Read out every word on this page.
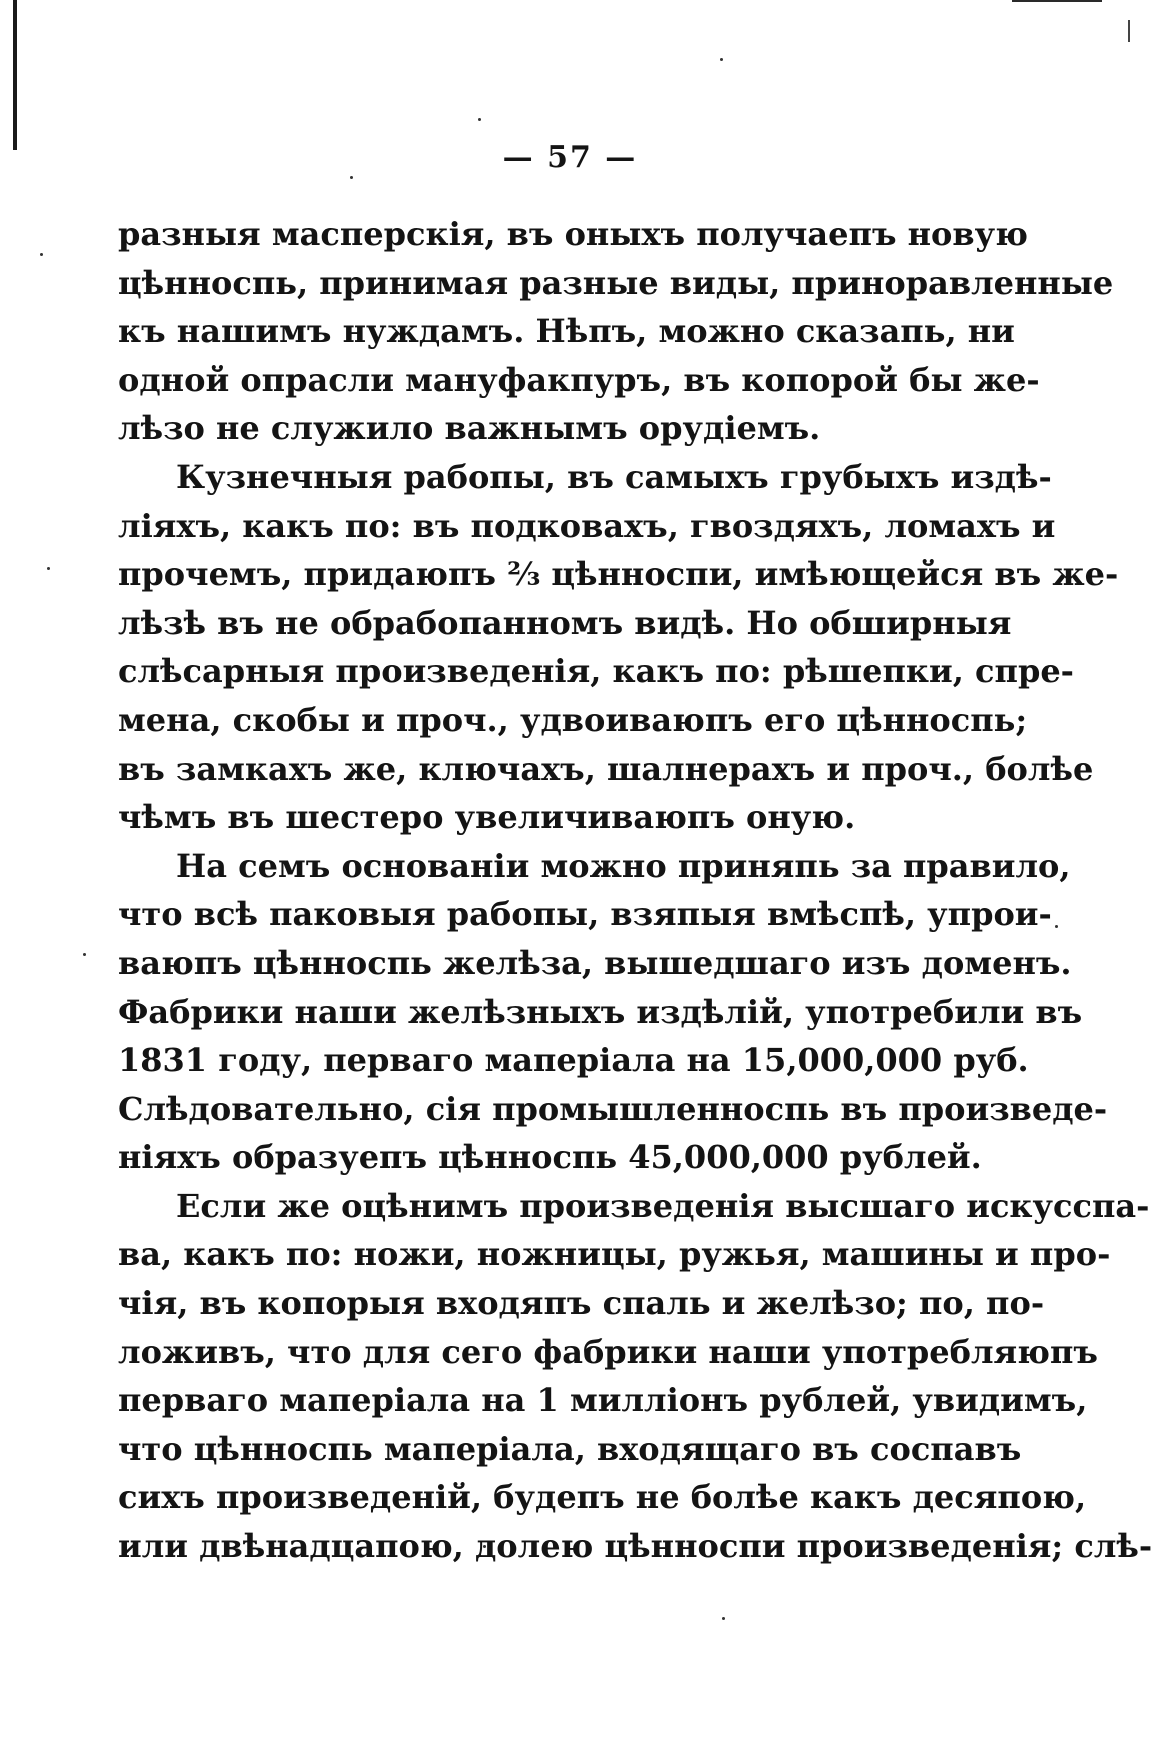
— 57 —
разныя масперскія, въ оныхъ получаепъ новую
цѣнноспь, принимая разные виды, приноравленные
къ нашимъ нуждамъ. Нѣпъ, можно сказапь, ни
одной опрасли мануфакпуръ, въ копорой бы же-
лѣзо не служило важнымъ орудіемъ.
Кузнечныя рабопы, въ самыхъ грубыхъ издѣ-
ліяхъ, какъ по: въ подковахъ, гвоздяхъ, ломахъ и
прочемъ, придаюпъ ⅔ цѣнноспи, имѣющейся въ же-
лѣзѣ въ не обрабопанномъ видѣ. Но обширныя
слѣсарныя произведенія, какъ по: рѣшепки, спре-
мена, скобы и проч., удвоиваюпъ его цѣнноспь;
въ замкахъ же, ключахъ, шалнерахъ и проч., болѣе
чѣмъ въ шестеро увеличиваюпъ оную.
На семъ основаніи можно приняпь за правило,
что всѣ паковыя рабопы, взяпыя вмѣспѣ, упрои-
ваюпъ цѣнноспь желѣза, вышедшаго изъ доменъ.
Фабрики наши желѣзныхъ издѣлій, употребили въ
1831 году, перваго маперіала на 15,000,000 руб.
Слѣдовательно, сія промышленноспь въ произведе-
ніяхъ образуепъ цѣнноспь 45,000,000 рублей.
Если же оцѣнимъ произведенія высшаго искусспа-
ва, какъ по: ножи, ножницы, ружья, машины и про-
чія, въ копорыя входяпъ спаль и желѣзо; по, по-
ложивъ, что для сего фабрики наши употребляюпъ
перваго маперіала на 1 милліонъ рублей, увидимъ,
что цѣнноспь маперіала, входящаго въ соспавъ
сихъ произведеній, будепъ не болѣе какъ десяпою,
или двѣнадцапою, долею цѣнноспи произведенія; слѣ-
